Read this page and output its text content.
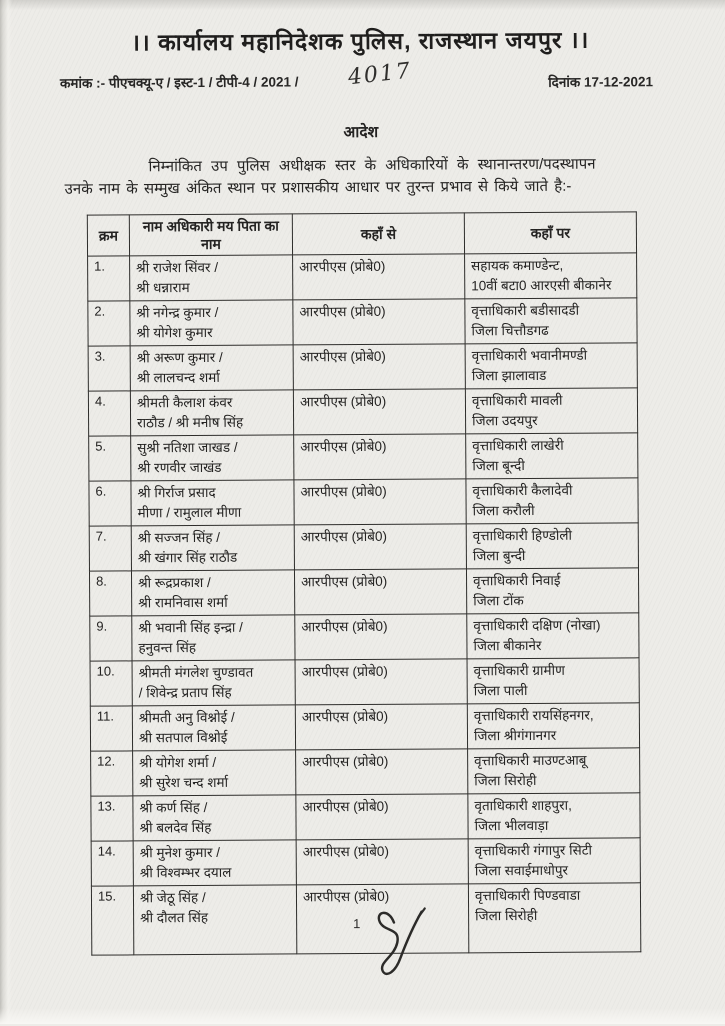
।। कार्यालय महानिदेशक पुलिस, राजस्थान जयपुर ।।
कमांक :- पीएचक्यू-ए / इस्ट-1 / टीपी-4 / 2021 / 4017	दिनांक 17-12-2021
आदेश
निम्नांकित उप पुलिस अधीक्षक स्तर के अधिकारियों के स्थानान्तरण/पदस्थापन
उनके नाम के सम्मुख अंकित स्थान पर प्रशासकीय आधार पर तुरन्त प्रभाव से किये जाते है:-
क्रम	नाम अधिकारी मय पिता का नाम	कहाँ से	कहाँ पर
1.	श्री राजेश सिंवर /
श्री धन्नाराम
	आरपीएस (प्रोबे0)	सहायक कमाण्डेन्ट,
10वीं बटा0 आरएसी बीकानेर

2.	श्री नगेन्द्र कुमार /
श्री योगेश कुमार
	आरपीएस (प्रोबे0)	वृत्ताधिकारी बडीसादडी
जिला चित्तौडगढ

3.	श्री अरूण कुमार /
श्री लालचन्द शर्मा
	आरपीएस (प्रोबे0)	वृत्ताधिकारी भवानीमण्डी
जिला झालावाड

4.	श्रीमती कैलाश कंवर
राठौड / श्री मनीष सिंह
	आरपीएस (प्रोबे0)	वृत्ताधिकारी मावली
जिला उदयपुर

5.	सुश्री नतिशा जाखड /
श्री रणवीर जाखंड
	आरपीएस (प्रोबे0)	वृत्ताधिकारी लाखेरी
जिला बून्दी

6.	श्री गिर्राज प्रसाद
मीणा / रामुलाल मीणा
	आरपीएस (प्रोबे0)	वृत्ताधिकारी कैलादेवी
जिला करौली

7.	श्री सज्जन सिंह /
श्री खंगार सिंह राठौड
	आरपीएस (प्रोबे0)	वृत्ताधिकारी हिण्डोली
जिला बुन्दी

8.	श्री रूद्रप्रकाश /
श्री रामनिवास शर्मा
	आरपीएस (प्रोबे0)	वृत्ताधिकारी निवाई
जिला टोंक

9.	श्री भवानी सिंह इन्द्रा /
हनुवन्त सिंह
	आरपीएस (प्रोबे0)	वृत्ताधिकारी दक्षिण (नोखा)
जिला बीकानेर

10.	श्रीमती मंगलेश चुण्डावत
/ शिवेन्द्र प्रताप सिंह
	आरपीएस (प्रोबे0)	वृत्ताधिकारी ग्रामीण
जिला पाली

11.	श्रीमती अनु विश्नोई /
श्री सतपाल विश्नोई
	आरपीएस (प्रोबे0)	वृत्ताधिकारी रायसिंहनगर,
जिला श्रीगंगानगर

12.	श्री योगेश शर्मा /
श्री सुरेश चन्द शर्मा
	आरपीएस (प्रोबे0)	वृत्ताधिकारी माउण्टआबू
जिला सिरोही

13.	श्री कर्ण सिंह /
श्री बलदेव सिंह
	आरपीएस (प्रोबे0)	वृताधिकारी शाहपुरा,
जिला भीलवाड़ा

14.	श्री मुनेश कुमार /
श्री विश्वम्भर दयाल
	आरपीएस (प्रोबे0)	वृत्ताधिकारी गंगापुर सिटी
जिला सवाईमाधोपुर

15.	श्री जेठू सिंह /
श्री दौलत सिंह
	आरपीएस (प्रोबे0)	वृत्ताधिकारी पिण्डवाडा
जिला सिरोही
1
